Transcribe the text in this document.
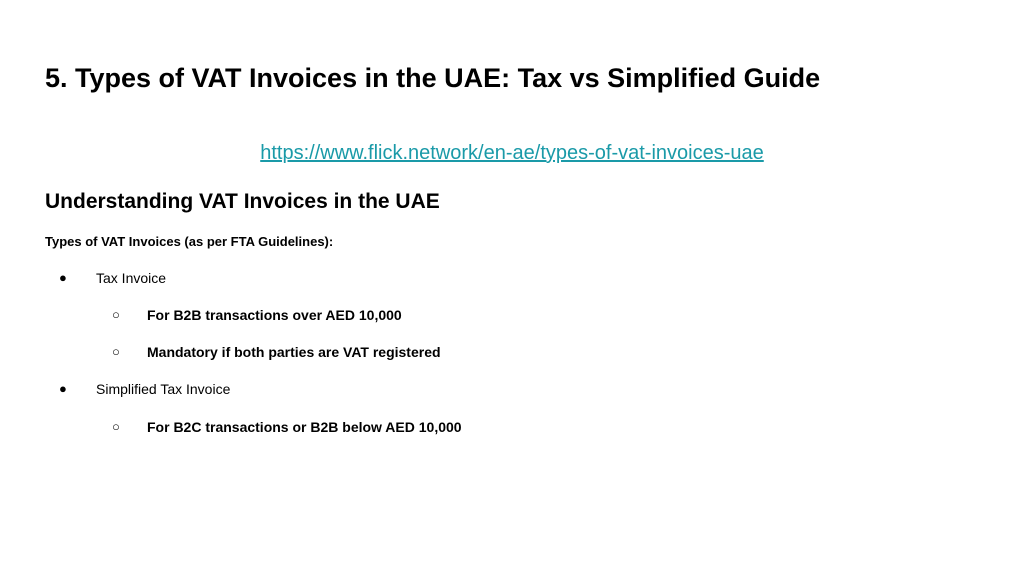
5. Types of VAT Invoices in the UAE: Tax vs Simplified Guide
https://www.flick.network/en-ae/types-of-vat-invoices-uae
Understanding VAT Invoices in the UAE
Types of VAT Invoices (as per FTA Guidelines):
● Tax Invoice
○ For B2B transactions over AED 10,000
○ Mandatory if both parties are VAT registered
● Simplified Tax Invoice
○ For B2C transactions or B2B below AED 10,000
